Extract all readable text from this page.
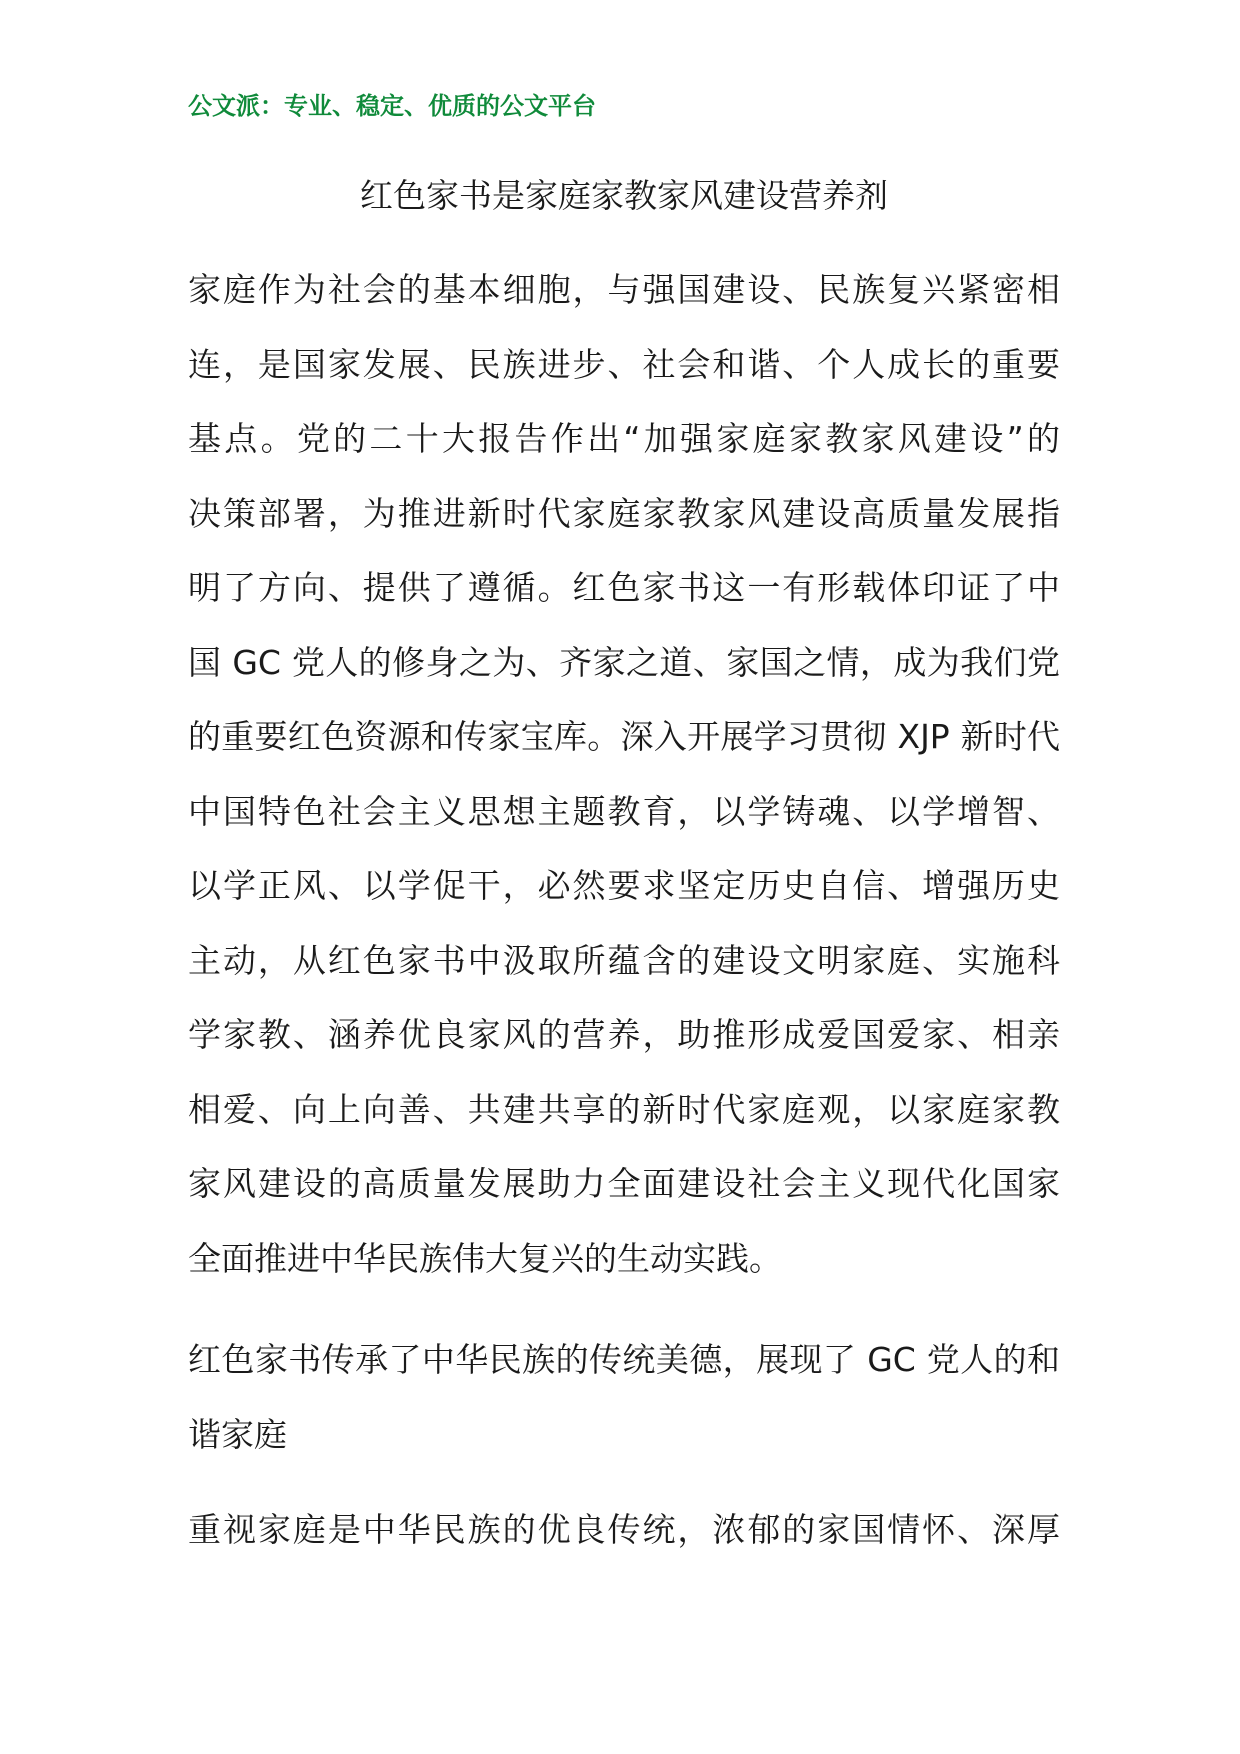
公文派：专业、稳定、优质的公文平台

红色家书是家庭家教家风建设营养剂

家庭作为社会的基本细胞，与强国建设、民族复兴紧密相
连，是国家发展、民族进步、社会和谐、个人成长的重要
基点。党的二十大报告作出“加强家庭家教家风建设”的
决策部署，为推进新时代家庭家教家风建设高质量发展指
明了方向、提供了遵循。红色家书这一有形载体印证了中
国 GC 党人的修身之为、齐家之道、家国之情，成为我们党
的重要红色资源和传家宝库。深入开展学习贯彻 XJP 新时代
中国特色社会主义思想主题教育，以学铸魂、以学增智、
以学正风、以学促干，必然要求坚定历史自信、增强历史
主动，从红色家书中汲取所蕴含的建设文明家庭、实施科
学家教、涵养优良家风的营养，助推形成爱国爱家、相亲
相爱、向上向善、共建共享的新时代家庭观，以家庭家教
家风建设的高质量发展助力全面建设社会主义现代化国家
全面推进中华民族伟大复兴的生动实践。

红色家书传承了中华民族的传统美德，展现了 GC 党人的和
谐家庭

重视家庭是中华民族的优良传统，浓郁的家国情怀、深厚
